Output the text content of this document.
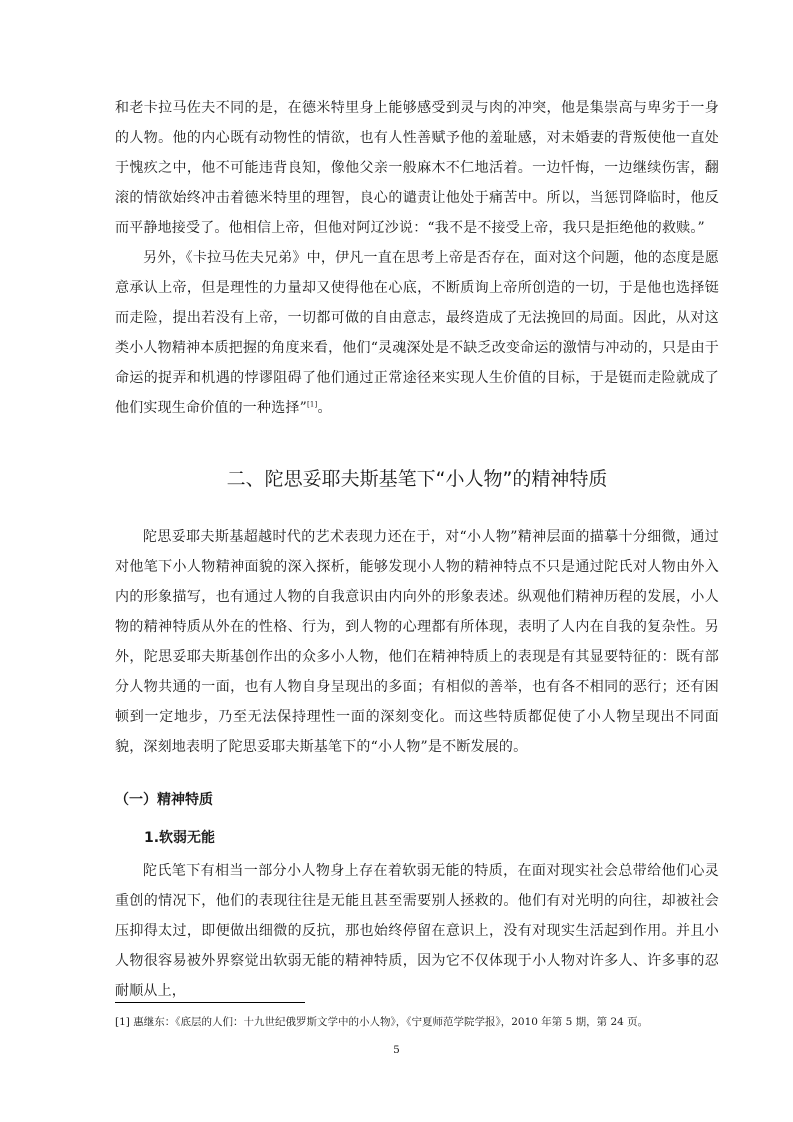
和老卡拉马佐夫不同的是，在德米特里身上能够感受到灵与肉的冲突，他是集崇高与卑劣于一身的人物。他的内心既有动物性的情欲，也有人性善赋予他的羞耻感，对未婚妻的背叛使他一直处于愧疚之中，他不可能违背良知，像他父亲一般麻木不仁地活着。一边忏悔，一边继续伤害，翻滚的情欲始终冲击着德米特里的理智，良心的谴责让他处于痛苦中。所以，当惩罚降临时，他反而平静地接受了。他相信上帝，但他对阿辽沙说：“我不是不接受上帝，我只是拒绝他的救赎。”

另外，《卡拉马佐夫兄弟》中，伊凡一直在思考上帝是否存在，面对这个问题，他的态度是愿意承认上帝，但是理性的力量却又使得他在心底，不断质询上帝所创造的一切，于是他也选择铤而走险，提出若没有上帝，一切都可做的自由意志，最终造成了无法挽回的局面。因此，从对这类小人物精神本质把握的角度来看，他们“灵魂深处是不缺乏改变命运的激情与冲动的，只是由于命运的捉弄和机遇的悖谬阻碍了他们通过正常途径来实现人生价值的目标，于是铤而走险就成了他们实现生命价值的一种选择”[1]。

二、陀思妥耶夫斯基笔下“小人物”的精神特质

陀思妥耶夫斯基超越时代的艺术表现力还在于，对“小人物”精神层面的描摹十分细微，通过对他笔下小人物精神面貌的深入探析，能够发现小人物的精神特点不只是通过陀氏对人物由外入内的形象描写，也有通过人物的自我意识由内向外的形象表述。纵观他们精神历程的发展，小人物的精神特质从外在的性格、行为，到人物的心理都有所体现，表明了人内在自我的复杂性。另外，陀思妥耶夫斯基创作出的众多小人物，他们在精神特质上的表现是有其显要特征的：既有部分人物共通的一面，也有人物自身呈现出的多面；有相似的善举，也有各不相同的恶行；还有困顿到一定地步，乃至无法保持理性一面的深刻变化。而这些特质都促使了小人物呈现出不同面貌，深刻地表明了陀思妥耶夫斯基笔下的“小人物”是不断发展的。

（一）精神特质
1.软弱无能

陀氏笔下有相当一部分小人物身上存在着软弱无能的特质，在面对现实社会总带给他们心灵重创的情况下，他们的表现往往是无能且甚至需要别人拯救的。他们有对光明的向往，却被社会压抑得太过，即便做出细微的反抗，那也始终停留在意识上，没有对现实生活起到作用。并且小人物很容易被外界察觉出软弱无能的精神特质，因为它不仅体现于小人物对许多人、许多事的忍耐顺从上，

[1] 惠继东：《底层的人们：十九世纪俄罗斯文学中的小人物》，《宁夏师范学院学报》，2010 年第 5 期，第 24 页。

5
